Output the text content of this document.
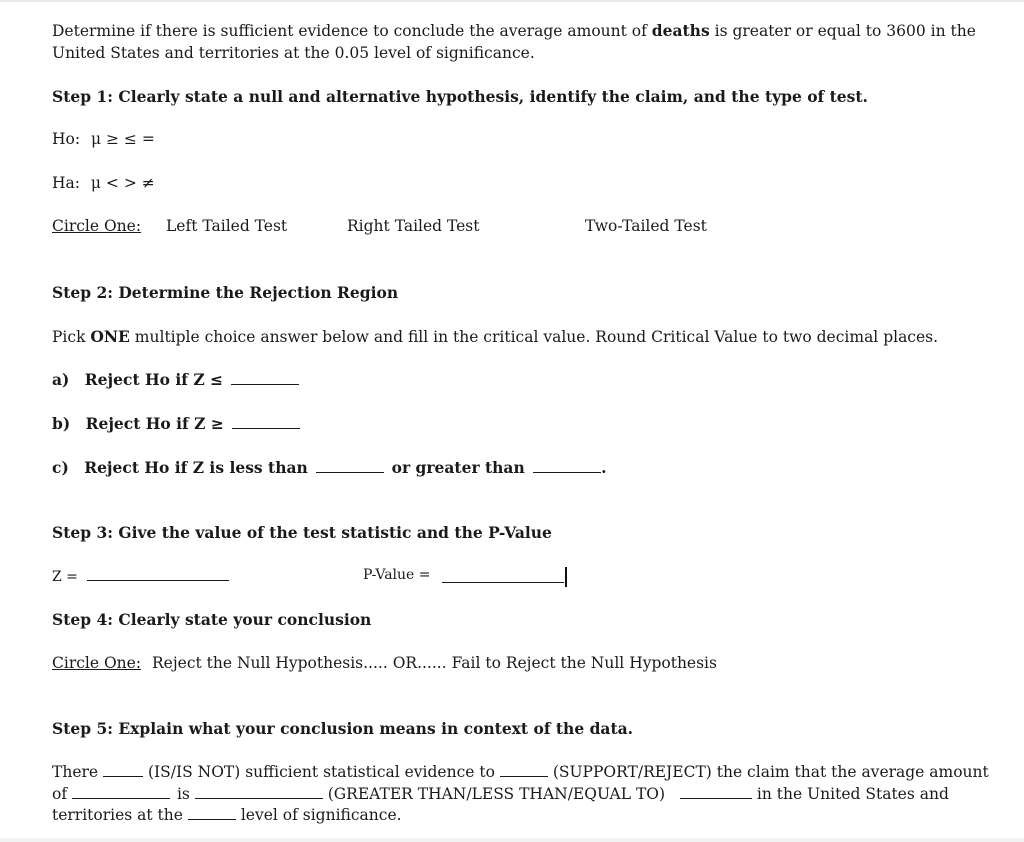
Determine if there is sufficient evidence to conclude the average amount of deaths is greater or equal to 3600 in the United States and territories at the 0.05 level of significance.
Step 1: Clearly state a null and alternative hypothesis, identify the claim, and the type of test.
Ho: μ ≥ ≤ =
Ha: μ < > ≠
Circle One: Left Tailed Test	Right Tailed Test	Two-Tailed Test
Step 2: Determine the Rejection Region
Pick ONE multiple choice answer below and fill in the critical value. Round Critical Value to two decimal places.
a) Reject Ho if Z ≤
b) Reject Ho if Z ≥
c) Reject Ho if Z is less than	or greater than	.
Step 3: Give the value of the test statistic and the P-Value
Z =	P-Value =
Step 4: Clearly state your conclusion
Circle One: Reject the Null Hypothesis..... OR...... Fail to Reject the Null Hypothesis
Step 5: Explain what your conclusion means in context of the data.
There	(IS/IS NOT) sufficient statistical evidence to	(SUPPORT/REJECT) the claim that the average amount
of	is	(GREATER THAN/LESS THAN/EQUAL TO)	in the United States and
territories at the	level of significance.
